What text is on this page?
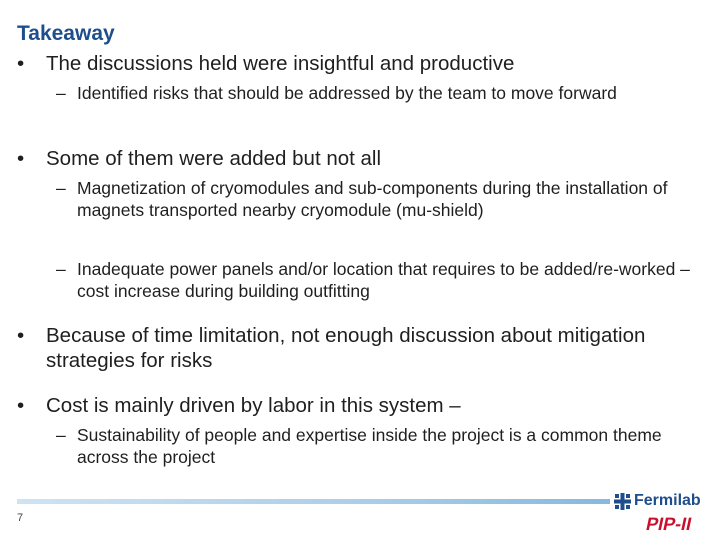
Takeaway
•	The discussions held were insightful and productive
– Identified risks that should be addressed by the team to move forward
•	Some of them were added but not all
– Magnetization of cryomodules and sub-components during the installation of magnets transported nearby cryomodule (mu-shield)
– Inadequate power panels and/or location that requires to be added/re-worked – cost increase during building outfitting
•	Because of time limitation, not enough discussion about mitigation strategies for risks
•	Cost is mainly driven by labor in this system –
– Sustainability of people and expertise inside the project is a common theme across the project
7
Fermilab
PIP-II
